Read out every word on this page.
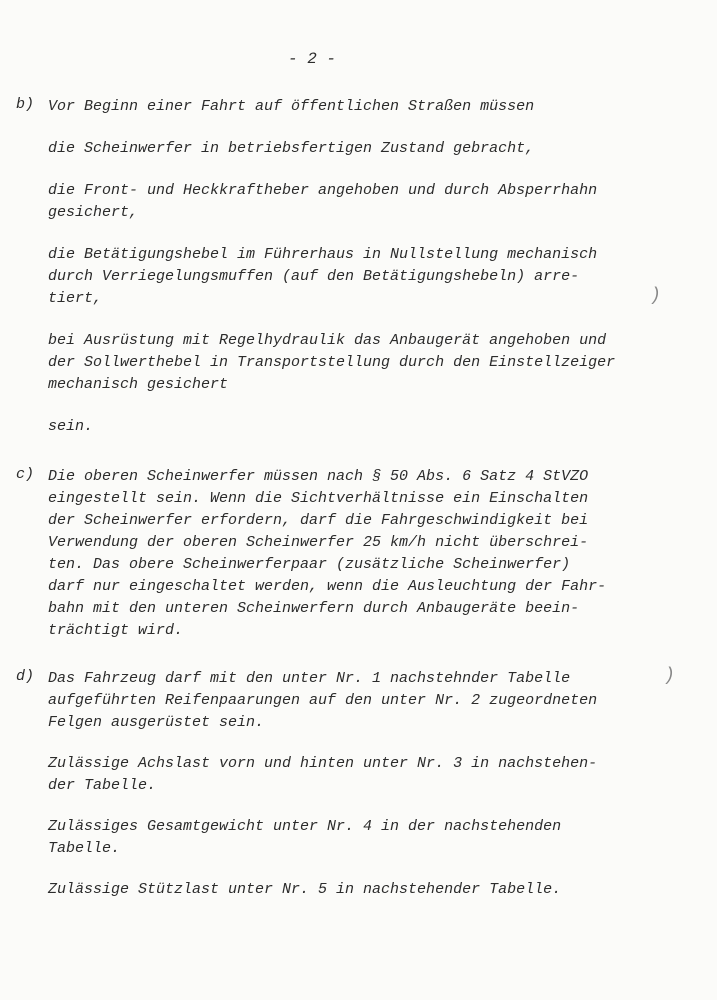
- 2 -
b) Vor Beginn einer Fahrt auf öffentlichen Straßen müssen

die Scheinwerfer in betriebsfertigen Zustand gebracht,

die Front- und Heckkraftheber angehoben und durch Absperrhahn
gesichert,

die Betätigungshebel im Führerhaus in Nullstellung mechanisch
durch Verriegelungsmuffen (auf den Betätigungshebeln) arre-
tiert,

bei Ausrüstung mit Regelhydraulik das Anbaugerät angehoben und
der Sollwerthebel in Transportstellung durch den Einstellzeiger
mechanisch gesichert

sein.

c) Die oberen Scheinwerfer müssen nach § 50 Abs. 6 Satz 4 StVZO
eingestellt sein. Wenn die Sichtverhältnisse ein Einschalten
der Scheinwerfer erfordern, darf die Fahrgeschwindigkeit bei
Verwendung der oberen Scheinwerfer 25 km/h nicht überschrei-
ten. Das obere Scheinwerferpaar (zusätzliche Scheinwerfer)
darf nur eingeschaltet werden, wenn die Ausleuchtung der Fahr-
bahn mit den unteren Scheinwerfern durch Anbaugeräte beein-
trächtigt wird.

d) Das Fahrzeug darf mit den unter Nr. 1 nachstehnder Tabelle
aufgeführten Reifenpaarungen auf den unter Nr. 2 zugeordneten
Felgen ausgerüstet sein.

Zulässige Achslast vorn und hinten unter Nr. 3 in nachstehen-
der Tabelle.

Zulässiges Gesamtgewicht unter Nr. 4 in der nachstehenden
Tabelle.

Zulässige Stützlast unter Nr. 5 in nachstehender Tabelle.

)
)
